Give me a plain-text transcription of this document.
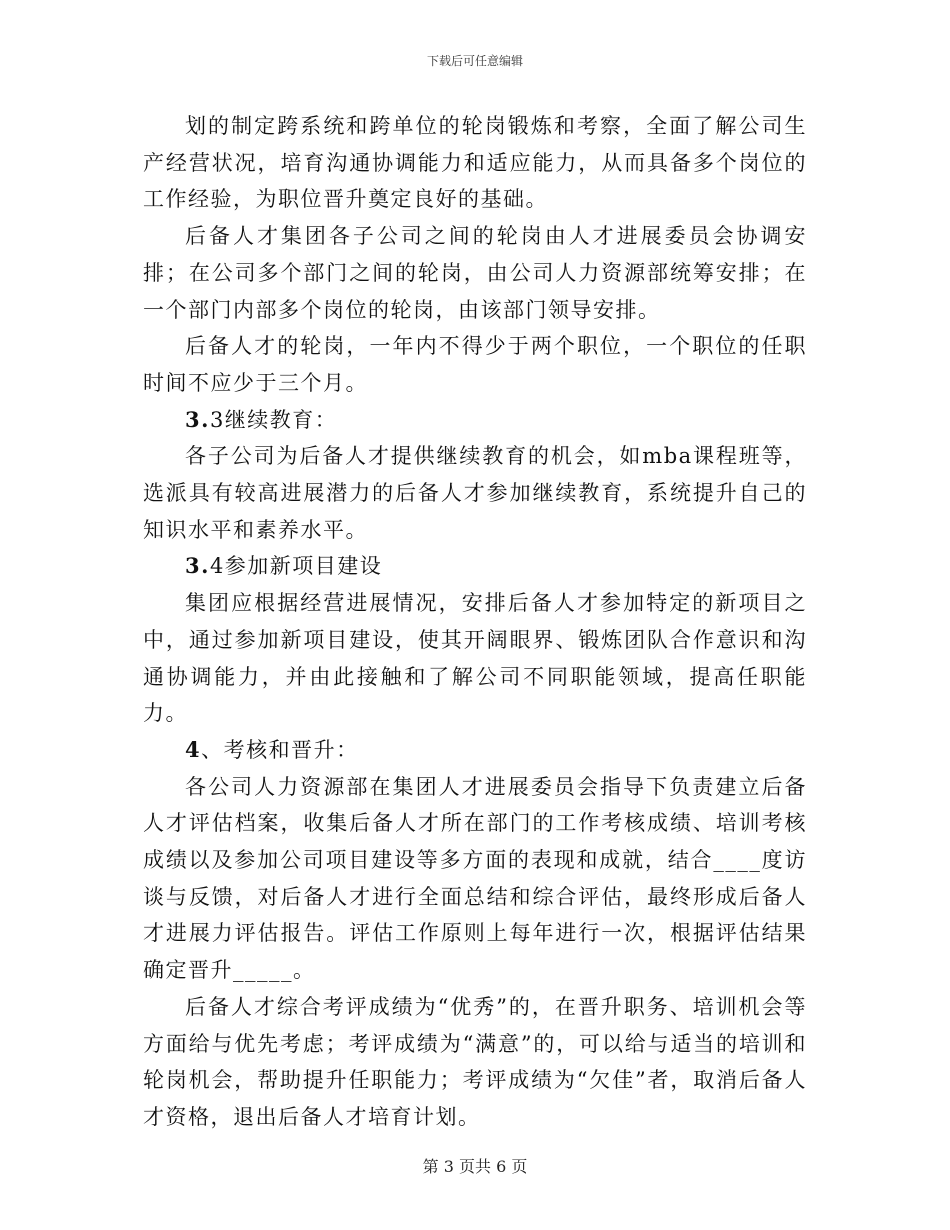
下载后可任意编辑

划的制定跨系统和跨单位的轮岗锻炼和考察，全面了解公司生产经营状况，培育沟通协调能力和适应能力，从而具备多个岗位的工作经验，为职位晋升奠定良好的基础。

后备人才集团各子公司之间的轮岗由人才进展委员会协调安排；在公司多个部门之间的轮岗，由公司人力资源部统筹安排；在一个部门内部多个岗位的轮岗，由该部门领导安排。

后备人才的轮岗，一年内不得少于两个职位，一个职位的任职时间不应少于三个月。

3.3继续教育：

各子公司为后备人才提供继续教育的机会，如mba课程班等，选派具有较高进展潜力的后备人才参加继续教育，系统提升自己的知识水平和素养水平。

3.4参加新项目建设

集团应根据经营进展情况，安排后备人才参加特定的新项目之中，通过参加新项目建设，使其开阔眼界、锻炼团队合作意识和沟通协调能力，并由此接触和了解公司不同职能领域，提高任职能力。

4、考核和晋升：

各公司人力资源部在集团人才进展委员会指导下负责建立后备人才评估档案，收集后备人才所在部门的工作考核成绩、培训考核成绩以及参加公司项目建设等多方面的表现和成就，结合____度访谈与反馈，对后备人才进行全面总结和综合评估，最终形成后备人才进展力评估报告。评估工作原则上每年进行一次，根据评估结果确定晋升_____。

后备人才综合考评成绩为“优秀”的，在晋升职务、培训机会等方面给与优先考虑；考评成绩为“满意”的，可以给与适当的培训和轮岗机会，帮助提升任职能力；考评成绩为“欠佳”者，取消后备人才资格，退出后备人才培育计划。

第 3 页共 6 页
